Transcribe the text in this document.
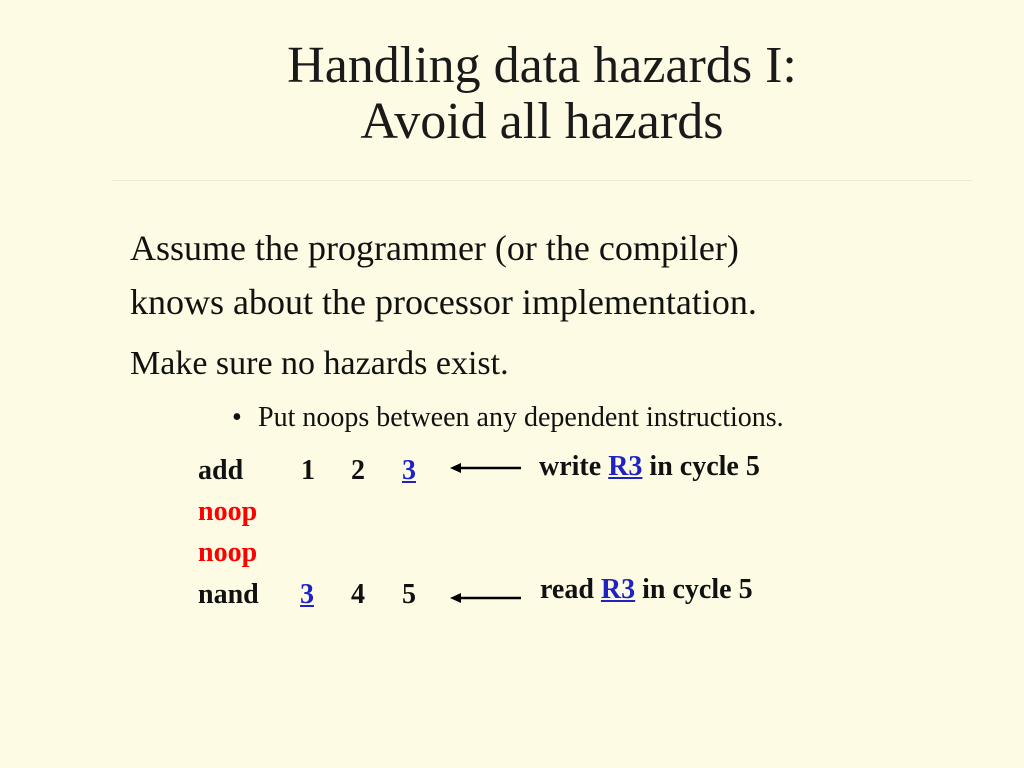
Handling data hazards I:
Avoid all hazards
Assume the programmer (or the compiler)
knows about the processor implementation.
Make sure no hazards exist.
• Put noops between any dependent instructions.
add 1 2 3
noop
noop
nand 3 4 5
write R3 in cycle 5
read R3 in cycle 5
